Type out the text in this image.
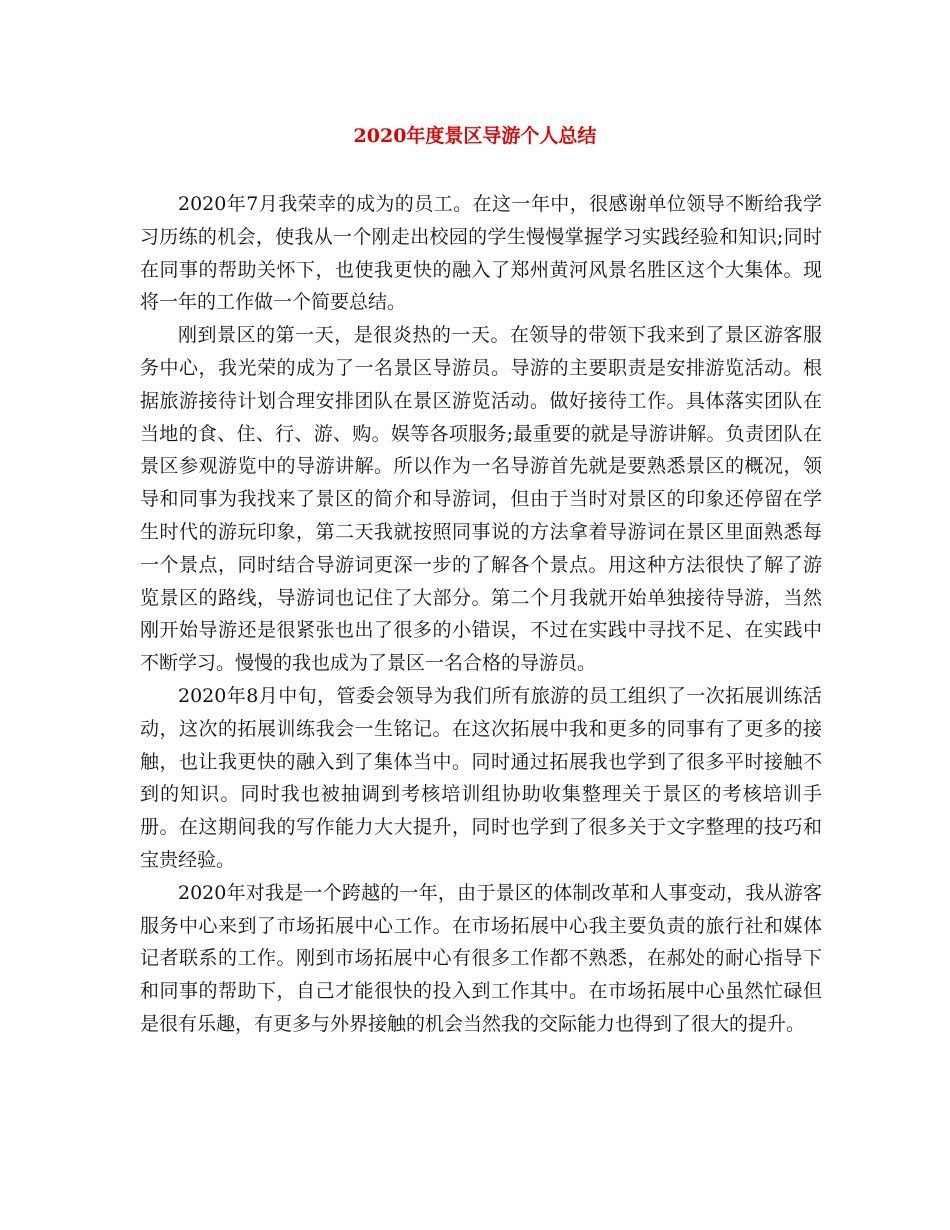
2020年度景区导游个人总结

2020年7月我荣幸的成为的员工。在这一年中，很感谢单位领导不断给我学习历练的机会，使我从一个刚走出校园的学生慢慢掌握学习实践经验和知识;同时在同事的帮助关怀下，也使我更快的融入了郑州黄河风景名胜区这个大集体。现将一年的工作做一个简要总结。

刚到景区的第一天，是很炎热的一天。在领导的带领下我来到了景区游客服务中心，我光荣的成为了一名景区导游员。导游的主要职责是安排游览活动。根据旅游接待计划合理安排团队在景区游览活动。做好接待工作。具体落实团队在当地的食、住、行、游、购。娱等各项服务;最重要的就是导游讲解。负责团队在景区参观游览中的导游讲解。所以作为一名导游首先就是要熟悉景区的概况，领导和同事为我找来了景区的简介和导游词，但由于当时对景区的印象还停留在学生时代的游玩印象，第二天我就按照同事说的方法拿着导游词在景区里面熟悉每一个景点，同时结合导游词更深一步的了解各个景点。用这种方法很快了解了游览景区的路线，导游词也记住了大部分。第二个月我就开始单独接待导游，当然刚开始导游还是很紧张也出了很多的小错误，不过在实践中寻找不足、在实践中不断学习。慢慢的我也成为了景区一名合格的导游员。

2020年8月中旬，管委会领导为我们所有旅游的员工组织了一次拓展训练活动，这次的拓展训练我会一生铭记。在这次拓展中我和更多的同事有了更多的接触，也让我更快的融入到了集体当中。同时通过拓展我也学到了很多平时接触不到的知识。同时我也被抽调到考核培训组协助收集整理关于景区的考核培训手册。在这期间我的写作能力大大提升，同时也学到了很多关于文字整理的技巧和宝贵经验。

2020年对我是一个跨越的一年，由于景区的体制改革和人事变动，我从游客服务中心来到了市场拓展中心工作。在市场拓展中心我主要负责的旅行社和媒体记者联系的工作。刚到市场拓展中心有很多工作都不熟悉，在郝处的耐心指导下和同事的帮助下，自己才能很快的投入到工作其中。在市场拓展中心虽然忙碌但是很有乐趣，有更多与外界接触的机会当然我的交际能力也得到了很大的提升。
